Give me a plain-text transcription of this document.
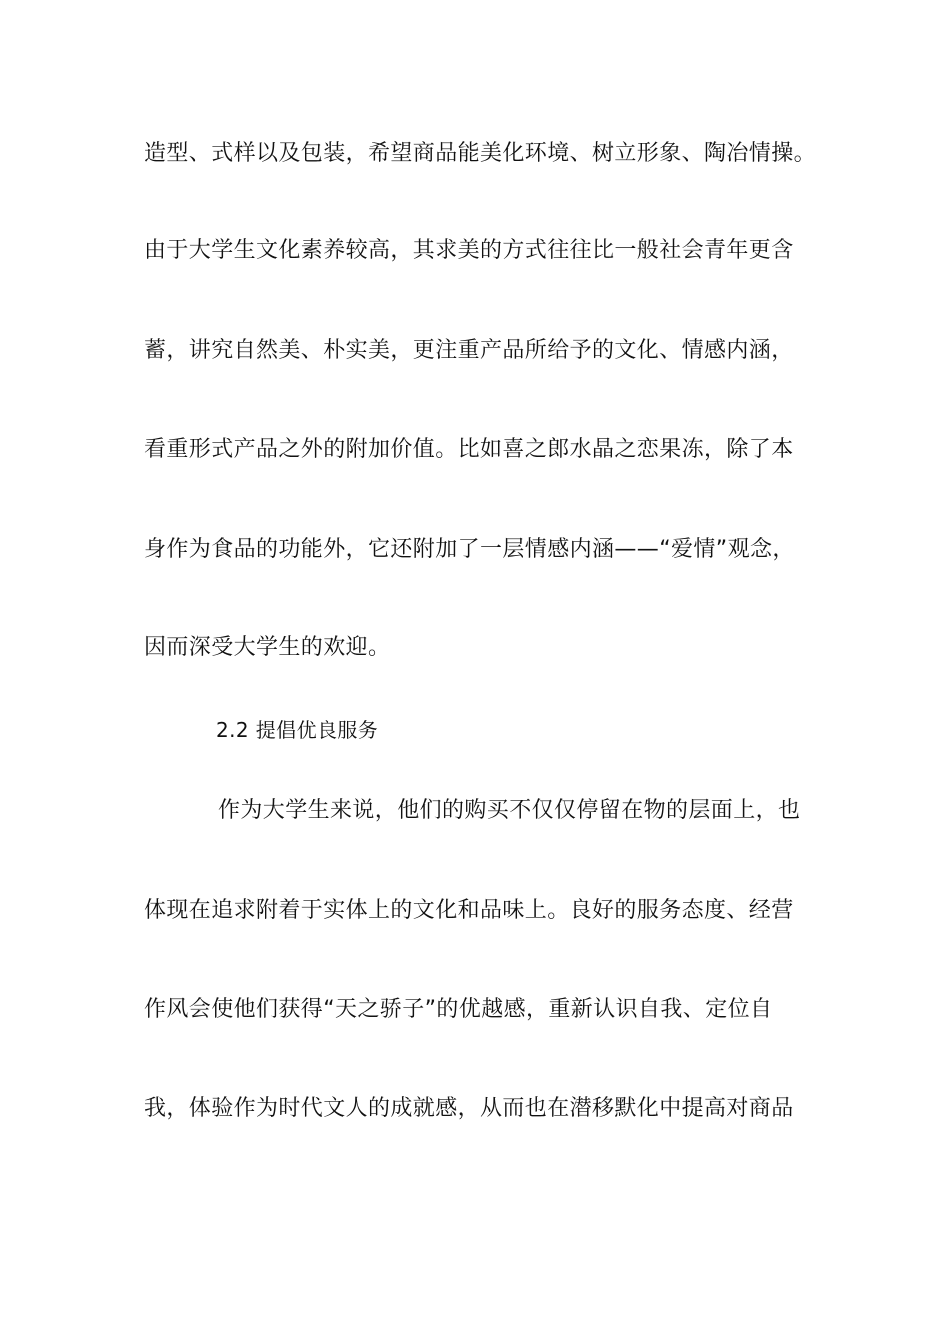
造型、式样以及包装，希望商品能美化环境、树立形象、陶冶情操。
由于大学生文化素养较高，其求美的方式往往比一般社会青年更含
蓄，讲究自然美、朴实美，更注重产品所给予的文化、情感内涵，
看重形式产品之外的附加价值。比如喜之郎水晶之恋果冻，除了本
身作为食品的功能外，它还附加了一层情感内涵——“爱情”观念，
因而深受大学生的欢迎。
2.2 提倡优良服务
作为大学生来说，他们的购买不仅仅停留在物的层面上，也
体现在追求附着于实体上的文化和品味上。良好的服务态度、经营
作风会使他们获得“天之骄子”的优越感，重新认识自我、定位自
我，体验作为时代文人的成就感，从而也在潜移默化中提高对商品
